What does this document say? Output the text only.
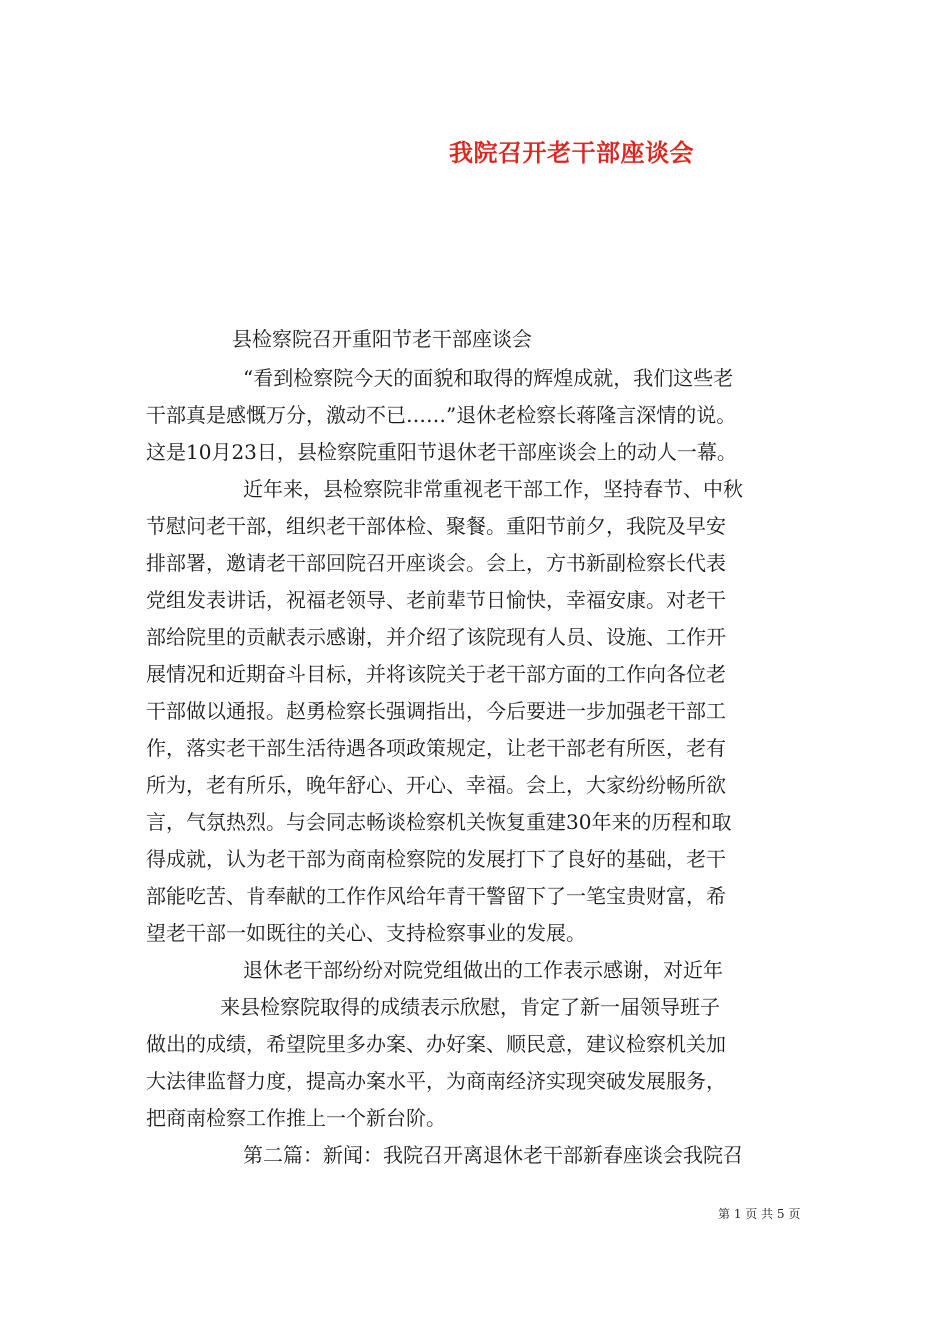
我院召开老干部座谈会
县检察院召开重阳节老干部座谈会
“看到检察院今天的面貌和取得的辉煌成就，我们这些老
干部真是感慨万分，激动不已……”退休老检察长蒋隆言深情的说。
这是10月23日，县检察院重阳节退休老干部座谈会上的动人一幕。
近年来，县检察院非常重视老干部工作，坚持春节、中秋
节慰问老干部，组织老干部体检、聚餐。重阳节前夕，我院及早安
排部署，邀请老干部回院召开座谈会。会上，方书新副检察长代表
党组发表讲话，祝福老领导、老前辈节日愉快，幸福安康。对老干
部给院里的贡献表示感谢，并介绍了该院现有人员、设施、工作开
展情况和近期奋斗目标，并将该院关于老干部方面的工作向各位老
干部做以通报。赵勇检察长强调指出，今后要进一步加强老干部工
作，落实老干部生活待遇各项政策规定，让老干部老有所医，老有
所为，老有所乐，晚年舒心、开心、幸福。会上，大家纷纷畅所欲
言，气氛热烈。与会同志畅谈检察机关恢复重建30年来的历程和取
得成就，认为老干部为商南检察院的发展打下了良好的基础，老干
部能吃苦、肯奉献的工作作风给年青干警留下了一笔宝贵财富，希
望老干部一如既往的关心、支持检察事业的发展。
退休老干部纷纷对院党组做出的工作表示感谢，对近年
来县检察院取得的成绩表示欣慰，肯定了新一届领导班子
做出的成绩，希望院里多办案、办好案、顺民意，建议检察机关加
大法律监督力度，提高办案水平，为商南经济实现突破发展服务，
把商南检察工作推上一个新台阶。
第二篇：新闻：我院召开离退休老干部新春座谈会我院召
第 1 页 共 5 页
